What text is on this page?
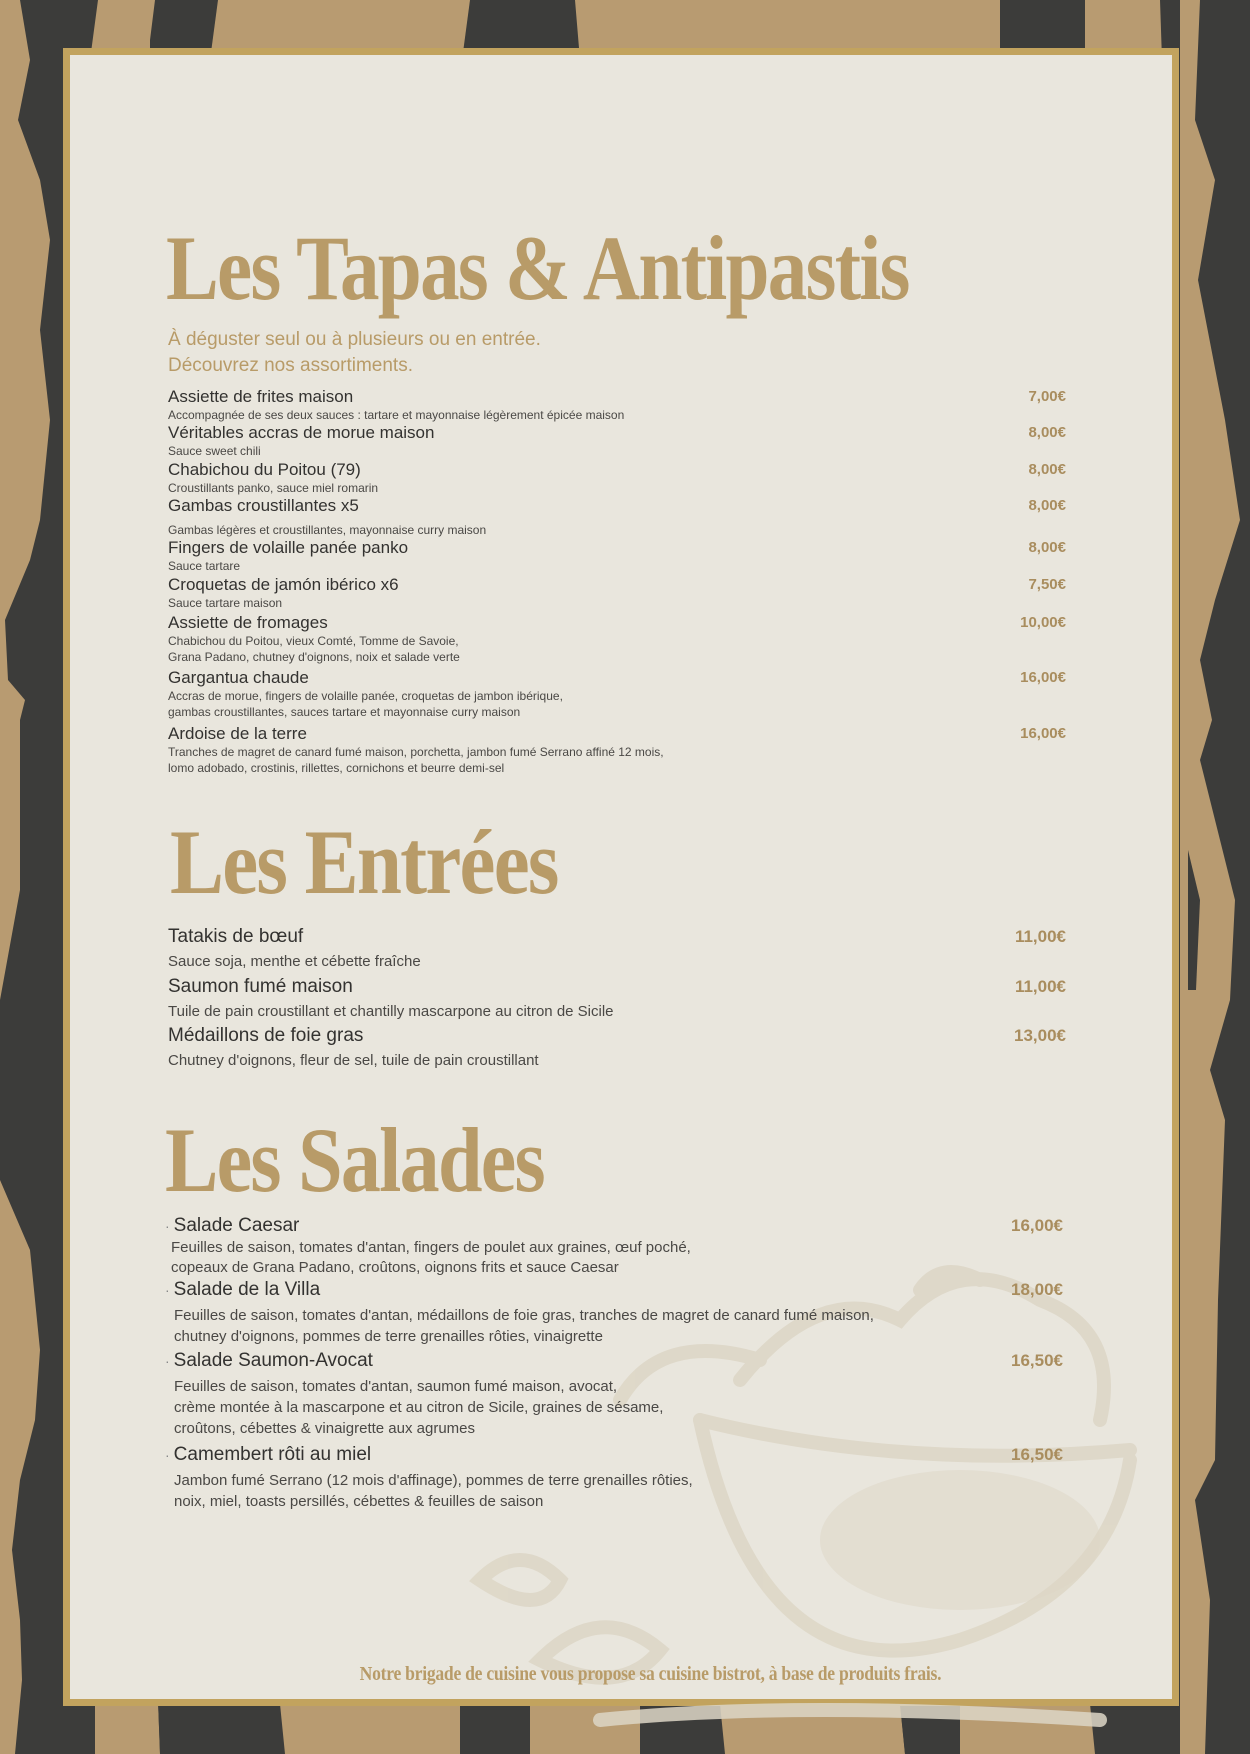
Les Tapas & Antipastis
À déguster seul ou à plusieurs ou en entrée.
Découvrez nos assortiments.
Assiette de frites maison
Accompagnée de ses deux sauces : tartare et mayonnaise légèrement épicée maison
7,00€
Véritables accras de morue maison
Sauce sweet chili
8,00€
Chabichou du Poitou (79)
Croustillants panko, sauce miel romarin
8,00€
Gambas croustillantes x5
Gambas légères et croustillantes, mayonnaise curry maison
8,00€
Fingers de volaille panée panko
Sauce tartare
8,00€
Croquetas de jamón ibérico x6
Sauce tartare maison
7,50€
Assiette de fromages
Chabichou du Poitou, vieux Comté, Tomme de Savoie,
Grana Padano, chutney d'oignons, noix et salade verte
10,00€
Gargantua chaude
Accras de morue, fingers de volaille panée, croquetas de jambon ibérique,
gambas croustillantes, sauces tartare et mayonnaise curry maison
16,00€
Ardoise de la terre
Tranches de magret de canard fumé maison, porchetta, jambon fumé Serrano affiné 12 mois,
lomo adobado, crostinis, rillettes, cornichons et beurre demi-sel
16,00€
Les Entrées
Tatakis de bœuf
Sauce soja, menthe et cébette fraîche
11,00€
Saumon fumé maison
Tuile de pain croustillant et chantilly mascarpone au citron de Sicile
11,00€
Médaillons de foie gras
Chutney d'oignons, fleur de sel, tuile de pain croustillant
13,00€
Les Salades
· Salade Caesar
Feuilles de saison, tomates d'antan, fingers de poulet aux graines, œuf poché,
copeaux de Grana Padano, croûtons, oignons frits et sauce Caesar
16,00€
· Salade de la Villa
Feuilles de saison, tomates d'antan, médaillons de foie gras, tranches de magret de canard fumé maison,
chutney d'oignons, pommes de terre grenailles rôties, vinaigrette
18,00€
· Salade Saumon-Avocat
Feuilles de saison, tomates d'antan, saumon fumé maison, avocat,
crème montée à la mascarpone et au citron de Sicile, graines de sésame,
croûtons, cébettes & vinaigrette aux agrumes
16,50€
· Camembert rôti au miel
Jambon fumé Serrano (12 mois d'affinage), pommes de terre grenailles rôties,
noix, miel, toasts persillés, cébettes & feuilles de saison
16,50€
Notre brigade de cuisine vous propose sa cuisine bistrot, à base de produits frais.
